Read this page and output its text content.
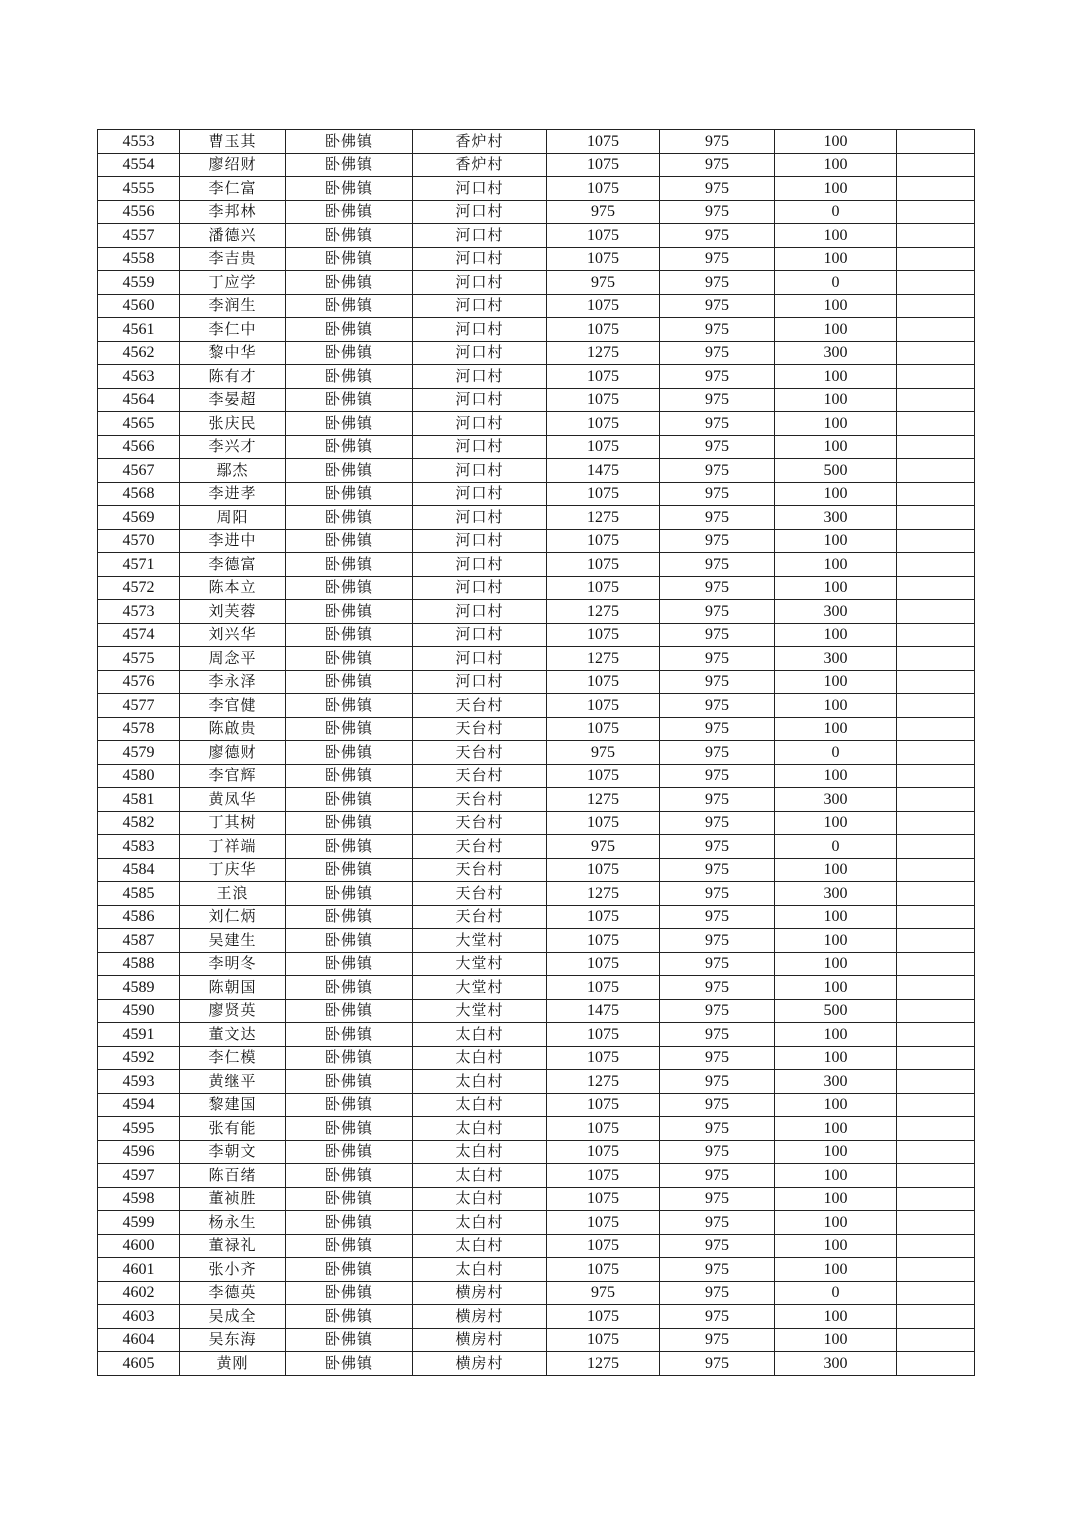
4553	曹玉其	卧佛镇	香炉村	1075	975	100	
4554	廖绍财	卧佛镇	香炉村	1075	975	100	
4555	李仁富	卧佛镇	河口村	1075	975	100	
4556	李邦林	卧佛镇	河口村	975	975	0	
4557	潘德兴	卧佛镇	河口村	1075	975	100	
4558	李吉贵	卧佛镇	河口村	1075	975	100	
4559	丁应学	卧佛镇	河口村	975	975	0	
4560	李润生	卧佛镇	河口村	1075	975	100	
4561	李仁中	卧佛镇	河口村	1075	975	100	
4562	黎中华	卧佛镇	河口村	1275	975	300	
4563	陈有才	卧佛镇	河口村	1075	975	100	
4564	李晏超	卧佛镇	河口村	1075	975	100	
4565	张庆民	卧佛镇	河口村	1075	975	100	
4566	李兴才	卧佛镇	河口村	1075	975	100	
4567	鄢杰	卧佛镇	河口村	1475	975	500	
4568	李进孝	卧佛镇	河口村	1075	975	100	
4569	周阳	卧佛镇	河口村	1275	975	300	
4570	李进中	卧佛镇	河口村	1075	975	100	
4571	李德富	卧佛镇	河口村	1075	975	100	
4572	陈本立	卧佛镇	河口村	1075	975	100	
4573	刘芙蓉	卧佛镇	河口村	1275	975	300	
4574	刘兴华	卧佛镇	河口村	1075	975	100	
4575	周念平	卧佛镇	河口村	1275	975	300	
4576	李永泽	卧佛镇	河口村	1075	975	100	
4577	李官健	卧佛镇	天台村	1075	975	100	
4578	陈啟贵	卧佛镇	天台村	1075	975	100	
4579	廖德财	卧佛镇	天台村	975	975	0	
4580	李官辉	卧佛镇	天台村	1075	975	100	
4581	黄凤华	卧佛镇	天台村	1275	975	300	
4582	丁其树	卧佛镇	天台村	1075	975	100	
4583	丁祥端	卧佛镇	天台村	975	975	0	
4584	丁庆华	卧佛镇	天台村	1075	975	100	
4585	王浪	卧佛镇	天台村	1275	975	300	
4586	刘仁炳	卧佛镇	天台村	1075	975	100	
4587	吴建生	卧佛镇	大堂村	1075	975	100	
4588	李明冬	卧佛镇	大堂村	1075	975	100	
4589	陈朝国	卧佛镇	大堂村	1075	975	100	
4590	廖贤英	卧佛镇	大堂村	1475	975	500	
4591	董文达	卧佛镇	太白村	1075	975	100	
4592	李仁模	卧佛镇	太白村	1075	975	100	
4593	黄继平	卧佛镇	太白村	1275	975	300	
4594	黎建国	卧佛镇	太白村	1075	975	100	
4595	张有能	卧佛镇	太白村	1075	975	100	
4596	李朝文	卧佛镇	太白村	1075	975	100	
4597	陈百绪	卧佛镇	太白村	1075	975	100	
4598	董祯胜	卧佛镇	太白村	1075	975	100	
4599	杨永生	卧佛镇	太白村	1075	975	100	
4600	董禄礼	卧佛镇	太白村	1075	975	100	
4601	张小齐	卧佛镇	太白村	1075	975	100	
4602	李德英	卧佛镇	横房村	975	975	0	
4603	吴成全	卧佛镇	横房村	1075	975	100	
4604	吴东海	卧佛镇	横房村	1075	975	100	
4605	黄刚	卧佛镇	横房村	1275	975	300	
